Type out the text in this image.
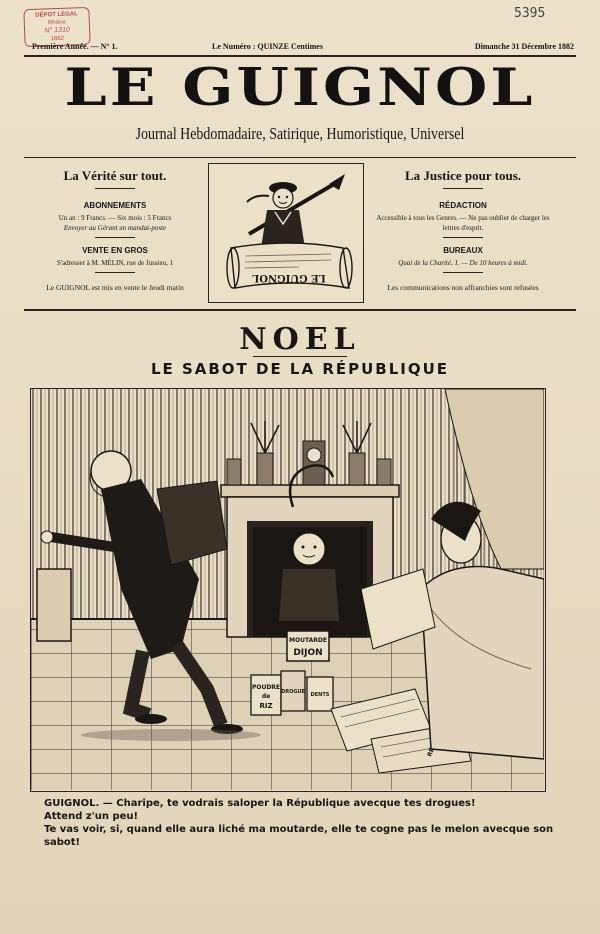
5395
DÉPOT LÉGAL
Rhône
N° 1310
1882
Première Année. — N° 1.	Le Numéro : QUINZE Centimes	Dimanche 31 Décembre 1882
LE GUIGNOL
Journal Hebdomadaire, Satirique, Humoristique, Universel
La Vérité sur tout.
ABONNEMENTS
Un an : 9 Francs. — Six mois : 5 Francs
Envoyer au Gérant un mandat-poste
VENTE EN GROS
S'adresser à M. MÉLIN, rue de Jussieu, 1
Le GUIGNOL est mis en vente le Jeudi matin
LE GUIGNOL
La Justice pour tous.
RÉDACTION
Accessible à tous les Genres. — Ne pas oublier de charger les lettres d'esprit.
BUREAUX
Quai de la Charité, 1. — De 10 heures à midi.
Les communications non affranchies sont refusées
NOEL
LE SABOT DE LA RÉPUBLIQUE
MOUTARDE
DIJON
POUDRE
de
RIZ
DROGUE DENTS

GUIGNOL. — Charipe, te vodrais saloper la République avecque tes drogues!

Attend z'un peu!

Te vas voir, si, quand elle aura liché ma moutarde, elle te cogne pas le melon avecque son sabot!
